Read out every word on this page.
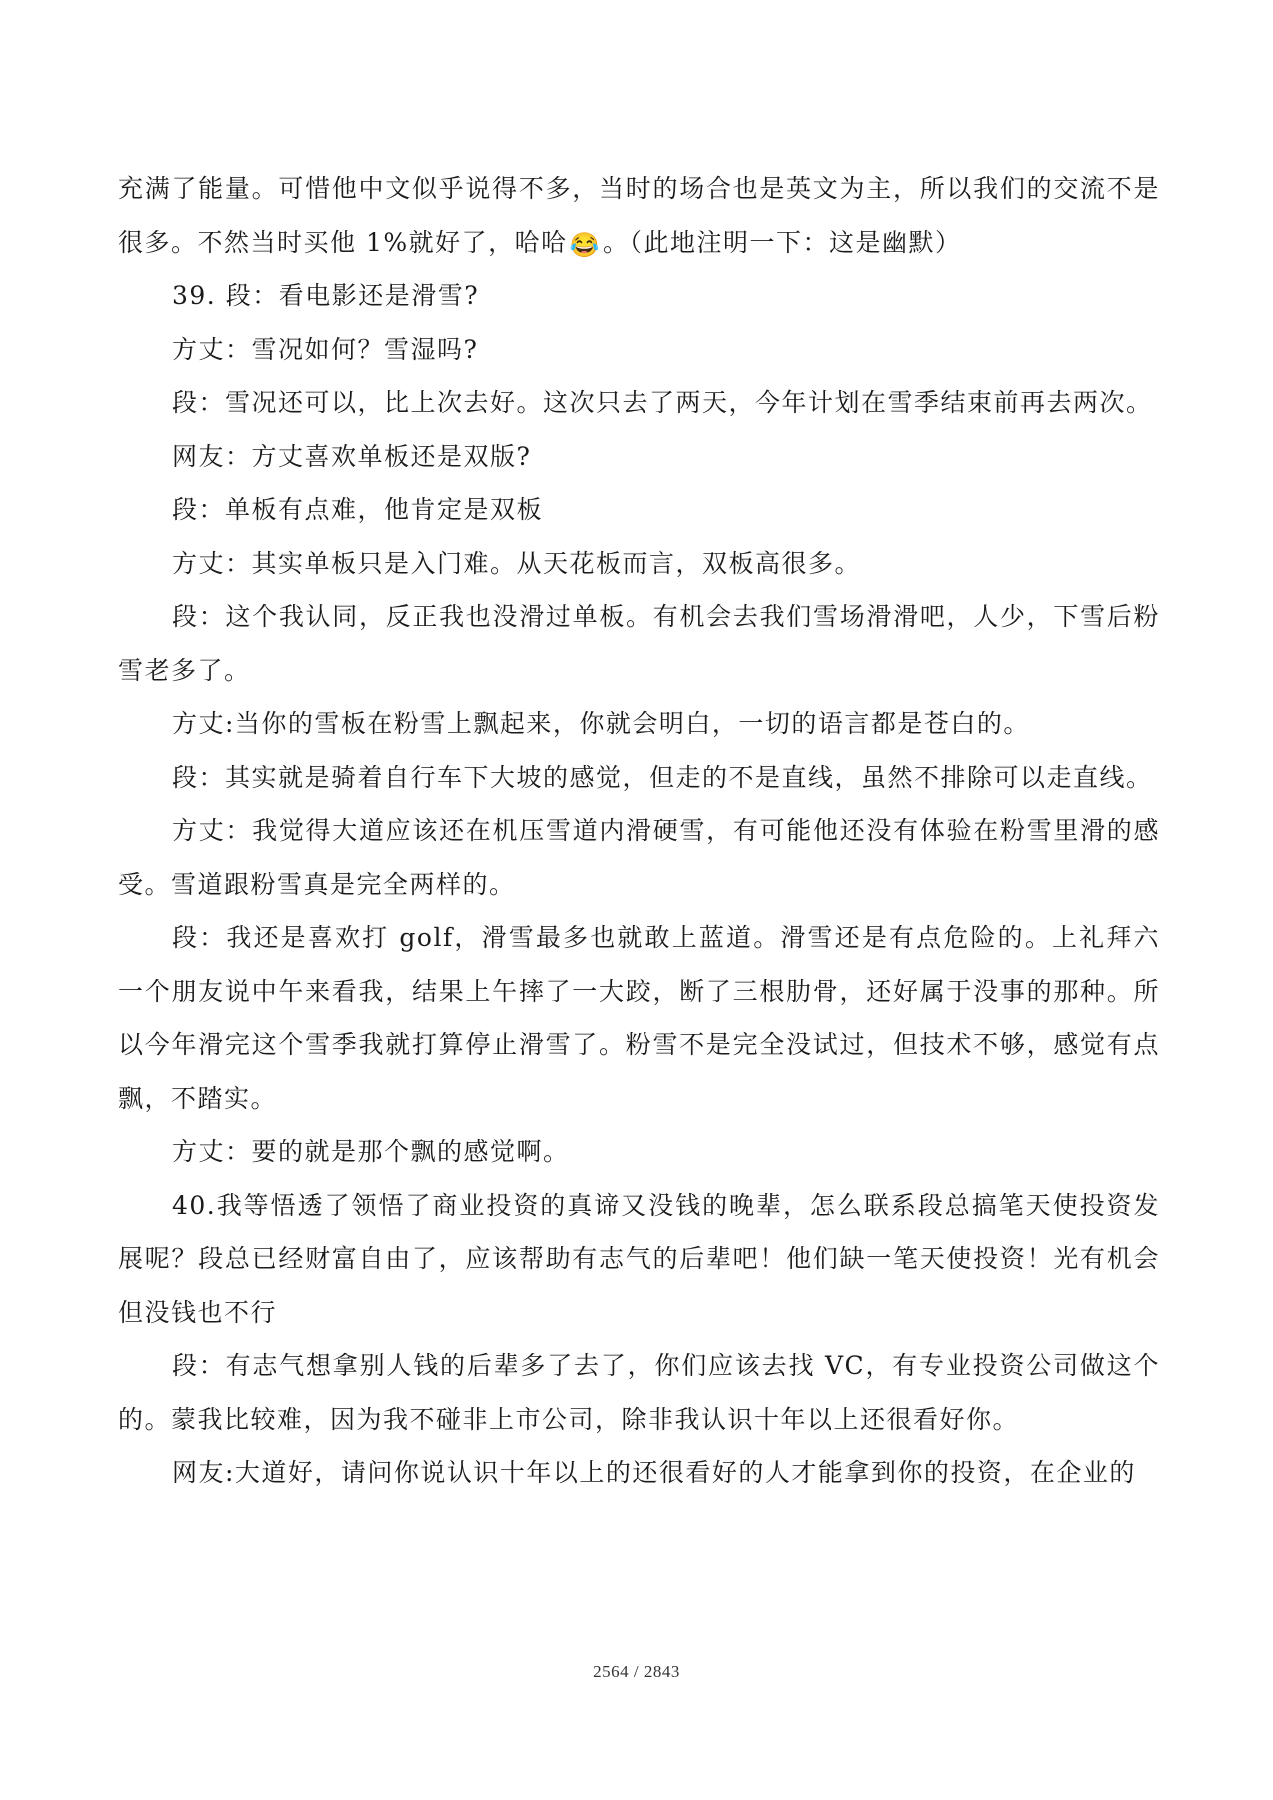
充满了能量。可惜他中文似乎说得不多，当时的场合也是英文为主，所以我们的交流不是很多。不然当时买他 1%就好了，哈哈😂。（此地注明一下：这是幽默）

39. 段：看电影还是滑雪?

方丈：雪况如何？雪湿吗?

段：雪况还可以，比上次去好。这次只去了两天，今年计划在雪季结束前再去两次。

网友：方丈喜欢单板还是双版?

段：单板有点难，他肯定是双板

方丈：其实单板只是入门难。从天花板而言，双板高很多。

段：这个我认同，反正我也没滑过单板。有机会去我们雪场滑滑吧，人少，下雪后粉雪老多了。

方丈:当你的雪板在粉雪上飘起来，你就会明白，一切的语言都是苍白的。

段：其实就是骑着自行车下大坡的感觉，但走的不是直线，虽然不排除可以走直线。

方丈：我觉得大道应该还在机压雪道内滑硬雪，有可能他还没有体验在粉雪里滑的感受。雪道跟粉雪真是完全两样的。

段：我还是喜欢打 golf，滑雪最多也就敢上蓝道。滑雪还是有点危险的。上礼拜六一个朋友说中午来看我，结果上午摔了一大跤，断了三根肋骨，还好属于没事的那种。所以今年滑完这个雪季我就打算停止滑雪了。粉雪不是完全没试过，但技术不够，感觉有点飘，不踏实。

方丈：要的就是那个飘的感觉啊。

40.我等悟透了领悟了商业投资的真谛又没钱的晚辈，怎么联系段总搞笔天使投资发展呢？段总已经财富自由了，应该帮助有志气的后辈吧！他们缺一笔天使投资！光有机会但没钱也不行

段：有志气想拿别人钱的后辈多了去了，你们应该去找 VC，有专业投资公司做这个的。蒙我比较难，因为我不碰非上市公司，除非我认识十年以上还很看好你。

网友:大道好，请问你说认识十年以上的还很看好的人才能拿到你的投资，在企业的

2564 / 2843
